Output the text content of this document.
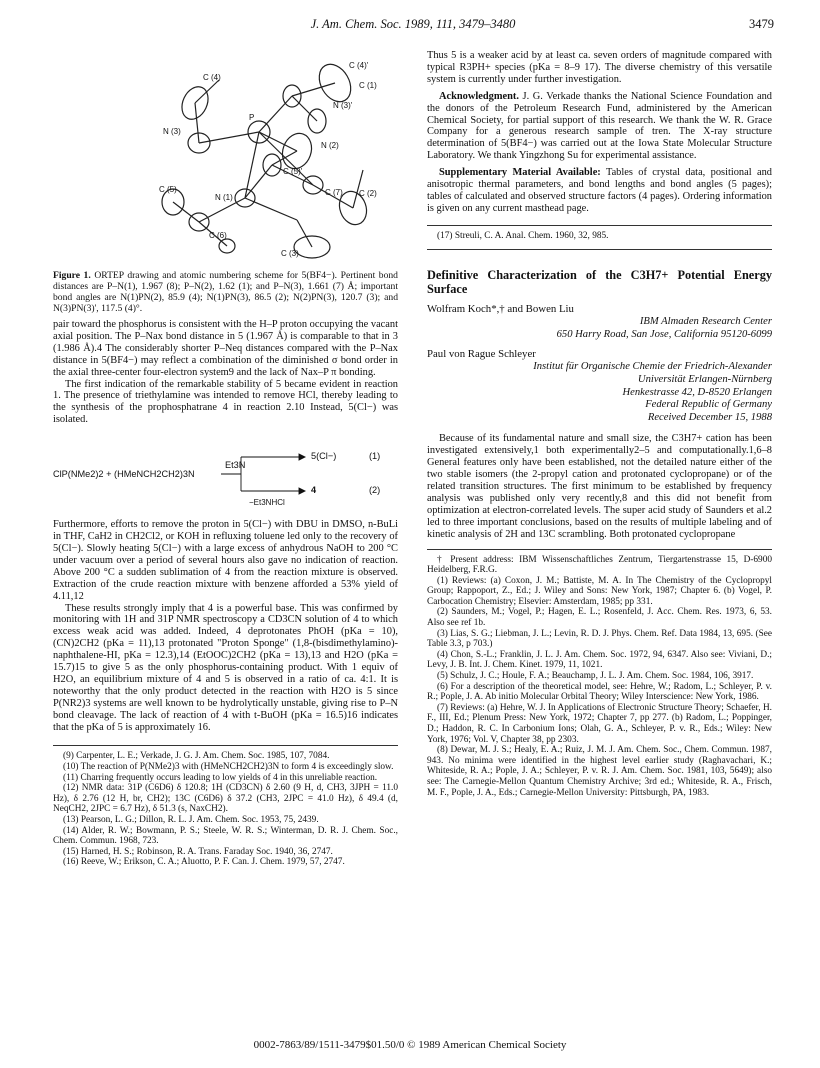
J. Am. Chem. Soc. 1989, 111, 3479–3480	3479
C (4)'
C (4)
C (1)
N (3)'
N (3)
P
N (2)
C (5)'
C (5)
N (1)
C (7) C (2)
C (6)
C (3)
Figure 1. ORTEP drawing and atomic numbering scheme for 5(BF4−). Pertinent bond distances are P–N(1), 1.967 (8); P–N(2), 1.62 (1); and P–N(3), 1.661 (7) Å; important bond angles are N(1)PN(2), 85.9 (4); N(1)PN(3), 86.5 (2); N(2)PN(3), 120.7 (3); and N(3)PN(3)', 117.5 (4)°.

pair toward the phosphorus is consistent with the H–P proton occupying the vacant axial position. The P–Nax bond distance in 5 (1.967 Å) is comparable to that in 3 (1.986 Å).4 The considerably shorter P–Neq distances compared with the P–Nax distance in 5(BF4−) may reflect a combination of the diminished σ bond order in the axial three-center four-electron system9 and the lack of Nax–P π bonding.

The first indication of the remarkable stability of 5 became evident in reaction 1. The presence of triethylamine was intended to remove HCl, thereby leading to the synthesis of the prophosphatrane 4 in reaction 2.10 Instead, 5(Cl−) was isolated.

Et3N
ClP(NMe2)2 + (HMeNCH2CH2)3N
5(Cl−)	(1)
4	(2)
−Et3NHCl

Furthermore, efforts to remove the proton in 5(Cl−) with DBU in DMSO, n-BuLi in THF, CaH2 in CH2Cl2, or KOH in refluxing toluene led only to the recovery of 5(Cl−). Slowly heating 5(Cl−) with a large excess of anhydrous NaOH to 200 °C under vacuum over a period of several hours also gave no indication of reaction. Above 200 °C a sudden sublimation of 4 from the reaction mixture is observed. Extraction of the crude reaction mixture with benzene afforded a 53% yield of 4.11,12

These results strongly imply that 4 is a powerful base. This was confirmed by monitoring with 1H and 31P NMR spectroscopy a CD3CN solution of 4 to which excess weak acid was added. Indeed, 4 deprotonates PhOH (pKa = 10), (CN)2CH2 (pKa = 11),13 protonated "Proton Sponge" (1,8-(bisdimethylamino)-naphthalene-HI, pKa = 12.3),14 (EtOOC)2CH2 (pKa = 13),13 and H2O (pKa = 15.7)15 to give 5 as the only phosphorus-containing product. With 1 equiv of H2O, an equilibrium mixture of 4 and 5 is observed in a ratio of ca. 4:1. It is noteworthy that the only product detected in the reaction with H2O is 5 since P(NR2)3 systems are well known to be hydrolytically unstable, giving rise to P–N bond cleavage. The lack of reaction of 4 with t-BuOH (pKa = 16.5)16 indicates that the pKa of 5 is approximately 16.

(9) Carpenter, L. E.; Verkade, J. G. J. Am. Chem. Soc. 1985, 107, 7084.

(10) The reaction of P(NMe2)3 with (HMeNCH2CH2)3N to form 4 is exceedingly slow.

(11) Charring frequently occurs leading to low yields of 4 in this unreliable reaction.

(12) NMR data: 31P (C6D6) δ 120.8; 1H (CD3CN) δ 2.60 (9 H, d, CH3, 3JPH = 11.0 Hz), δ 2.76 (12 H, br, CH2); 13C (C6D6) δ 37.2 (CH3, 2JPC = 41.0 Hz), δ 49.4 (d, NeqCH2, 2JPC = 6.7 Hz), δ 51.3 (s, NaxCH2).

(13) Pearson, L. G.; Dillon, R. L. J. Am. Chem. Soc. 1953, 75, 2439.

(14) Alder, R. W.; Bowmann, P. S.; Steele, W. R. S.; Winterman, D. R. J. Chem. Soc., Chem. Commun. 1968, 723.

(15) Harned, H. S.; Robinson, R. A. Trans. Faraday Soc. 1940, 36, 2747.

(16) Reeve, W.; Erikson, C. A.; Aluotto, P. F. Can. J. Chem. 1979, 57, 2747.

Thus 5 is a weaker acid by at least ca. seven orders of magnitude compared with typical R3PH+ species (pKa = 8–9 17). The diverse chemistry of this versatile system is currently under further investigation.

Acknowledgment. J. G. Verkade thanks the National Science Foundation and the donors of the Petroleum Research Fund, administered by the American Chemical Society, for partial support of this research. We thank the W. R. Grace Company for a generous research sample of tren. The X-ray structure determination of 5(BF4−) was carried out at the Iowa State Molecular Structure Laboratory. We thank Yingzhong Su for experimental assistance.

Supplementary Material Available: Tables of crystal data, positional and anisotropic thermal parameters, and bond lengths and bond angles (5 pages); tables of calculated and observed structure factors (4 pages). Ordering information is given on any current masthead page.

(17) Streuli, C. A. Anal. Chem. 1960, 32, 985.

Definitive Characterization of the C3H7+ Potential Energy Surface
Wolfram Koch*,† and Bowen Liu
IBM Almaden Research Center
650 Harry Road, San Jose, California 95120-6099
Paul von Rague Schleyer
Institut für Organische Chemie der Friedrich-Alexander
Universität Erlangen-Nürnberg
Henkestrasse 42, D-8520 Erlangen
Federal Republic of Germany
Received December 15, 1988

Because of its fundamental nature and small size, the C3H7+ cation has been investigated extensively,1 both experimentally2–5 and computationally.1,6–8 General features only have been established, not the detailed nature either of the two stable isomers (the 2-propyl cation and protonated cyclopropane) or of the related transition structures. The first minimum to be established by frequency analysis was published only very recently,8 and this did not benefit from optimization at electron-correlated levels. The super acid study of Saunders et al.2 led to three important conclusions, based on the results of multiple labeling and of kinetic analysis of 2H and 13C scrambling. Both protonated cyclopropane

† Present address: IBM Wissenschaftliches Zentrum, Tiergartenstrasse 15, D-6900 Heidelberg, F.R.G.

(1) Reviews: (a) Coxon, J. M.; Battiste, M. A. In The Chemistry of the Cyclopropyl Group; Rappoport, Z., Ed.; J. Wiley and Sons: New York, 1987; Chapter 6. (b) Vogel, P. Carbocation Chemistry; Elsevier: Amsterdam, 1985; pp 331.

(2) Saunders, M.; Vogel, P.; Hagen, E. L.; Rosenfeld, J. Acc. Chem. Res. 1973, 6, 53. Also see ref 1b.

(3) Lias, S. G.; Liebman, J. L.; Levin, R. D. J. Phys. Chem. Ref. Data 1984, 13, 695. (See Table 3.3, p 703.)

(4) Chon, S.-L.; Franklin, J. L. J. Am. Chem. Soc. 1972, 94, 6347. Also see: Viviani, D.; Levy, J. B. Int. J. Chem. Kinet. 1979, 11, 1021.

(5) Schulz, J. C.; Houle, F. A.; Beauchamp, J. L. J. Am. Chem. Soc. 1984, 106, 3917.

(6) For a description of the theoretical model, see: Hehre, W.; Radom, L.; Schleyer, P. v. R.; Pople, J. A. Ab initio Molecular Orbital Theory; Wiley Interscience: New York, 1986.

(7) Reviews: (a) Hehre, W. J. In Applications of Electronic Structure Theory; Schaefer, H. F., III, Ed.; Plenum Press: New York, 1972; Chapter 7, pp 277. (b) Radom, L.; Poppinger, D.; Haddon, R. C. In Carbonium Ions; Olah, G. A., Schleyer, P. v. R., Eds.; Wiley: New York, 1976; Vol. V, Chapter 38, pp 2303.

(8) Dewar, M. J. S.; Healy, E. A.; Ruiz, J. M. J. Am. Chem. Soc., Chem. Commun. 1987, 943. No minima were identified in the highest level earlier study (Raghavachari, K.; Whiteside, R. A.; Pople, J. A.; Schleyer, P. v. R. J. Am. Chem. Soc. 1981, 103, 5649); also see: The Carnegie-Mellon Quantum Chemistry Archive; 3rd ed.; Whiteside, R. A., Frisch, M. F., Pople, J. A., Eds.; Carnegie-Mellon University: Pittsburgh, PA, 1983.

0002-7863/89/1511-3479$01.50/0 © 1989 American Chemical Society
